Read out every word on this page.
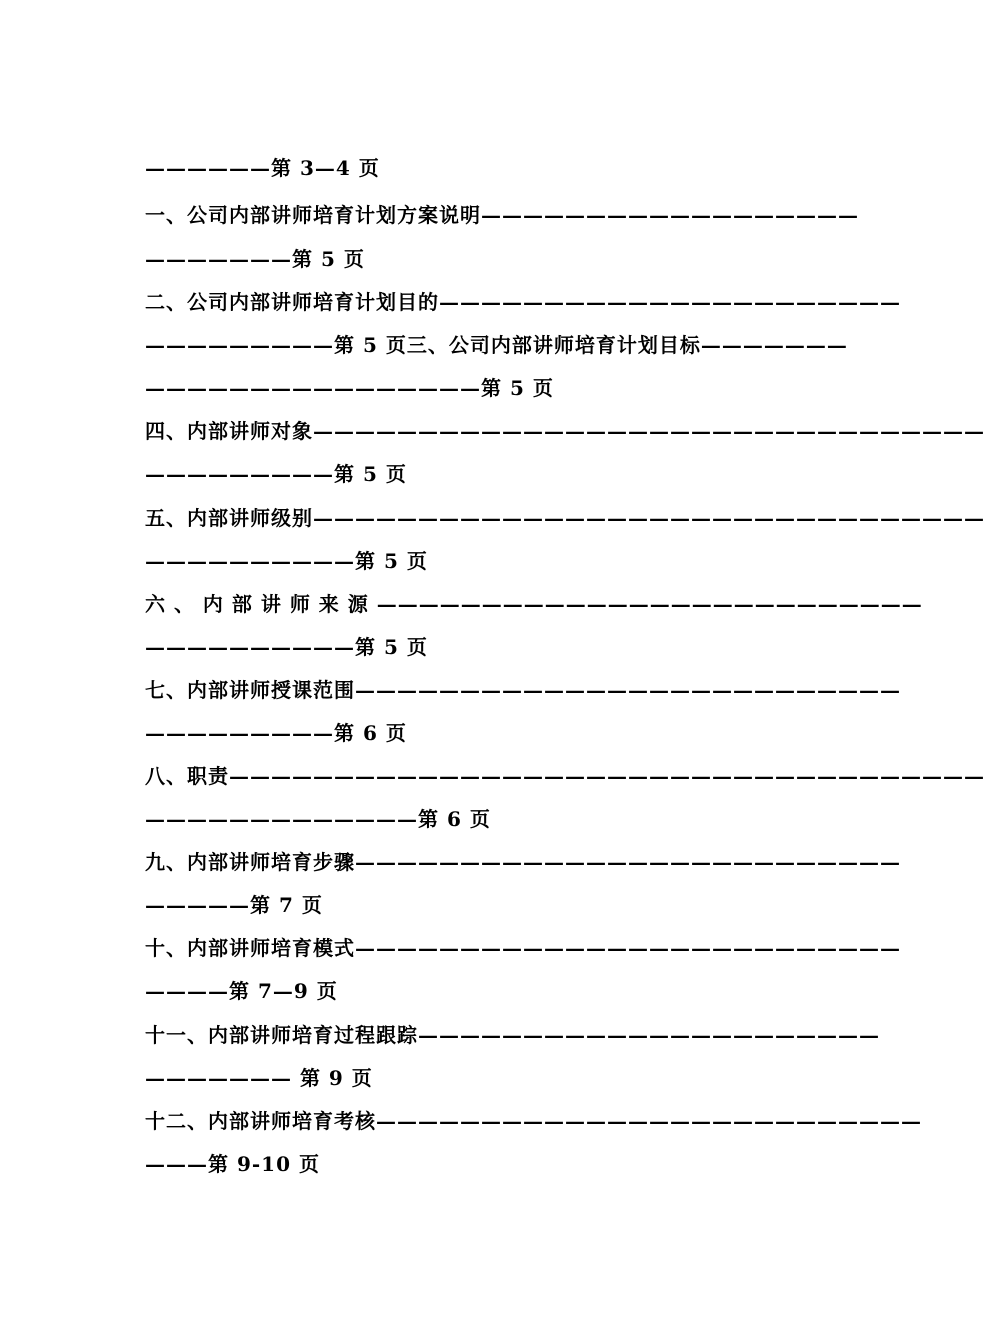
——————第 3—4 页
一、公司内部讲师培育计划方案说明——————————————————
———————第 5 页
二、公司内部讲师培育计划目的——————————————————————
—————————第 5 页三、公司内部讲师培育计划目标———————
————————————————第 5 页
四、内部讲师对象————————————————————————————————
—————————第 5 页
五、内部讲师级别————————————————————————————————
——————————第 5 页
六 、 内 部 讲 师 来 源 ——————————————————————————
——————————第 5 页
七、内部讲师授课范围——————————————————————————
—————————第 6 页
八、职责————————————————————————————————————
—————————————第 6 页
九、内部讲师培育步骤——————————————————————————
—————第 7 页
十、内部讲师培育模式——————————————————————————
————第 7—9 页
十一、内部讲师培育过程跟踪——————————————————————
——————— 第 9 页
十二、内部讲师培育考核——————————————————————————
———第 9-10 页
